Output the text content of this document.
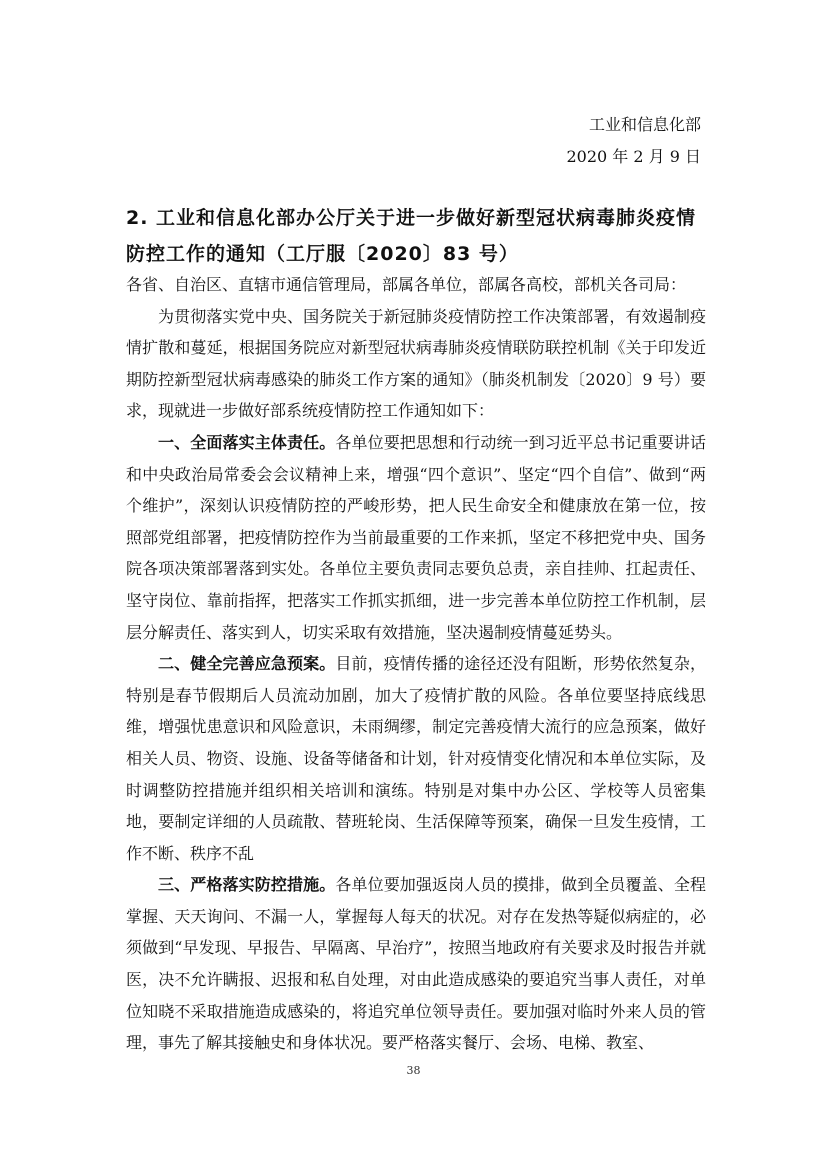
工业和信息化部
2020 年 2 月 9 日
2. 工业和信息化部办公厅关于进一步做好新型冠状病毒肺炎疫情防控工作的通知（工厅服〔2020〕83 号）

各省、自治区、直辖市通信管理局，部属各单位，部属各高校，部机关各司局：

为贯彻落实党中央、国务院关于新冠肺炎疫情防控工作决策部署，有效遏制疫情扩散和蔓延，根据国务院应对新型冠状病毒肺炎疫情联防联控机制《关于印发近期防控新型冠状病毒感染的肺炎工作方案的通知》（肺炎机制发〔2020〕9 号）要求，现就进一步做好部系统疫情防控工作通知如下：

一、全面落实主体责任。各单位要把思想和行动统一到习近平总书记重要讲话和中央政治局常委会会议精神上来，增强“四个意识”、坚定“四个自信”、做到“两个维护”，深刻认识疫情防控的严峻形势，把人民生命安全和健康放在第一位，按照部党组部署，把疫情防控作为当前最重要的工作来抓，坚定不移把党中央、国务院各项决策部署落到实处。各单位主要负责同志要负总责，亲自挂帅、扛起责任、坚守岗位、靠前指挥，把落实工作抓实抓细，进一步完善本单位防控工作机制，层层分解责任、落实到人，切实采取有效措施，坚决遏制疫情蔓延势头。

二、健全完善应急预案。目前，疫情传播的途径还没有阻断，形势依然复杂，特别是春节假期后人员流动加剧，加大了疫情扩散的风险。各单位要坚持底线思维，增强忧患意识和风险意识，未雨绸缪，制定完善疫情大流行的应急预案，做好相关人员、物资、设施、设备等储备和计划，针对疫情变化情况和本单位实际，及时调整防控措施并组织相关培训和演练。特别是对集中办公区、学校等人员密集地，要制定详细的人员疏散、替班轮岗、生活保障等预案，确保一旦发生疫情，工作不断、秩序不乱

三、严格落实防控措施。各单位要加强返岗人员的摸排，做到全员覆盖、全程掌握、天天询问、不漏一人，掌握每人每天的状况。对存在发热等疑似病症的，必须做到“早发现、早报告、早隔离、早治疗”，按照当地政府有关要求及时报告并就医，决不允许瞒报、迟报和私自处理，对由此造成感染的要追究当事人责任，对单位知晓不采取措施造成感染的，将追究单位领导责任。要加强对临时外来人员的管理，事先了解其接触史和身体状况。要严格落实餐厅、会场、电梯、教室、

38
